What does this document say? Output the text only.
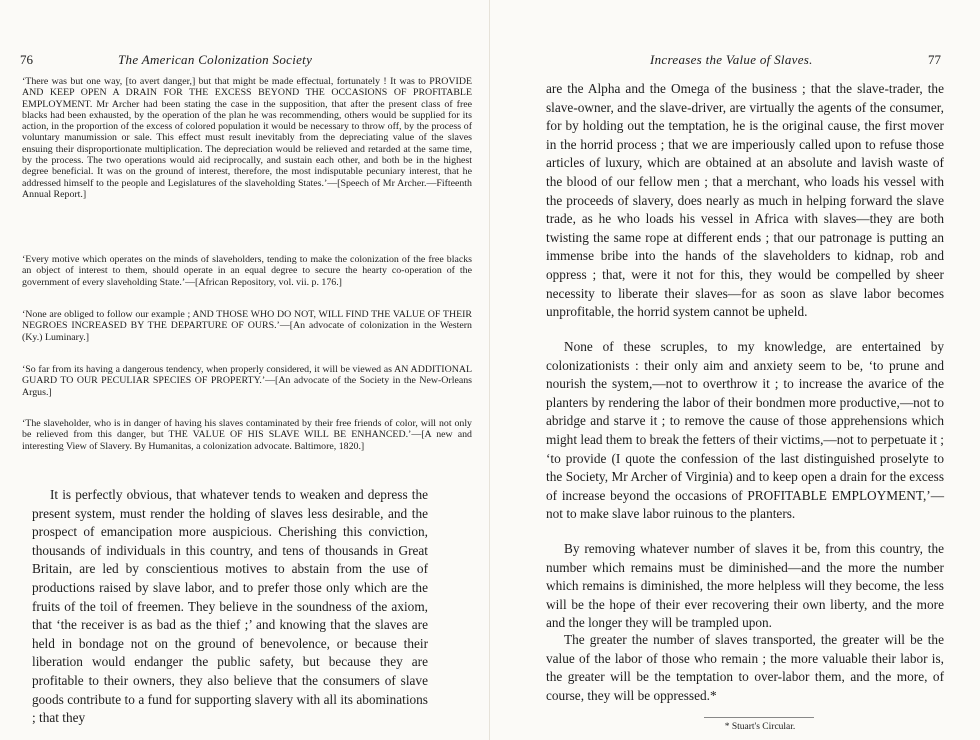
76	The American Colonization Society

‘There was but one way, [to avert danger,] but that might be made effectual, fortunately ! It was to PROVIDE AND KEEP OPEN A DRAIN FOR THE EXCESS BEYOND THE OCCASIONS OF PROFITABLE EMPLOYMENT. Mr Archer had been stating the case in the supposition, that after the present class of free blacks had been exhausted, by the operation of the plan he was recommending, others would be supplied for its action, in the proportion of the excess of colored population it would be necessary to throw off, by the process of voluntary manumission or sale. This effect must result inevitably from the depreciating value of the slaves ensuing their disproportionate multiplication. The depreciation would be relieved and retarded at the same time, by the process. The two operations would aid reciprocally, and sustain each other, and both be in the highest degree beneficial. It was on the ground of interest, therefore, the most indisputable pecuniary interest, that he addressed himself to the people and Legislatures of the slaveholding States.’—[Speech of Mr Archer.—Fifteenth Annual Report.]

‘Every motive which operates on the minds of slaveholders, tending to make the colonization of the free blacks an object of interest to them, should operate in an equal degree to secure the hearty co-operation of the government of every slaveholding State.’—[African Repository, vol. vii. p. 176.]

‘None are obliged to follow our example ; AND THOSE WHO DO NOT, WILL FIND THE VALUE OF THEIR NEGROES INCREASED BY THE DEPARTURE OF OURS.’—[An advocate of colonization in the Western (Ky.) Luminary.]

‘So far from its having a dangerous tendency, when properly considered, it will be viewed as AN ADDITIONAL GUARD TO OUR PECULIAR SPECIES OF PROPERTY.’—[An advocate of the Society in the New-Orleans Argus.]

‘The slaveholder, who is in danger of having his slaves contaminated by their free friends of color, will not only be relieved from this danger, but THE VALUE OF HIS SLAVE WILL BE ENHANCED.’—[A new and interesting View of Slavery. By Humanitas, a colonization advocate. Baltimore, 1820.]

It is perfectly obvious, that whatever tends to weaken and depress the present system, must render the holding of slaves less desirable, and the prospect of emancipation more auspicious. Cherishing this conviction, thousands of individuals in this country, and tens of thousands in Great Britain, are led by conscientious motives to abstain from the use of productions raised by slave labor, and to prefer those only which are the fruits of the toil of freemen. They believe in the soundness of the axiom, that ‘the receiver is as bad as the thief ;’ and knowing that the slaves are held in bondage not on the ground of benevolence, or because their liberation would endanger the public safety, but because they are profitable to their owners, they also believe that the consumers of slave goods contribute to a fund for supporting slavery with all its abominations ; that they

Increases the Value of Slaves.	77

are the Alpha and the Omega of the business ; that the slave-trader, the slave-owner, and the slave-driver, are virtually the agents of the consumer, for by holding out the temptation, he is the original cause, the first mover in the horrid process ; that we are imperiously called upon to refuse those articles of luxury, which are obtained at an absolute and lavish waste of the blood of our fellow men ; that a merchant, who loads his vessel with the proceeds of slavery, does nearly as much in helping forward the slave trade, as he who loads his vessel in Africa with slaves—they are both twisting the same rope at different ends ; that our patronage is putting an immense bribe into the hands of the slaveholders to kidnap, rob and oppress ; that, were it not for this, they would be compelled by sheer necessity to liberate their slaves—for as soon as slave labor becomes unprofitable, the horrid system cannot be upheld.

None of these scruples, to my knowledge, are entertained by colonizationists : their only aim and anxiety seem to be, ‘to prune and nourish the system,—not to overthrow it ; to increase the avarice of the planters by rendering the labor of their bondmen more productive,—not to abridge and starve it ; to remove the cause of those apprehensions which might lead them to break the fetters of their victims,—not to perpetuate it ; ‘to provide (I quote the confession of the last distinguished proselyte to the Society, Mr Archer of Virginia) and to keep open a drain for the excess of increase beyond the occasions of PROFITABLE EMPLOYMENT,’—not to make slave labor ruinous to the planters.

By removing whatever number of slaves it be, from this country, the number which remains must be diminished—and the more the number which remains is diminished, the more helpless will they become, the less will be the hope of their ever recovering their own liberty, and the more and the longer they will be trampled upon.

The greater the number of slaves transported, the greater will be the value of the labor of those who remain ; the more valuable their labor is, the greater will be the temptation to over-labor them, and the more, of course, they will be oppressed.*

* Stuart's Circular.
